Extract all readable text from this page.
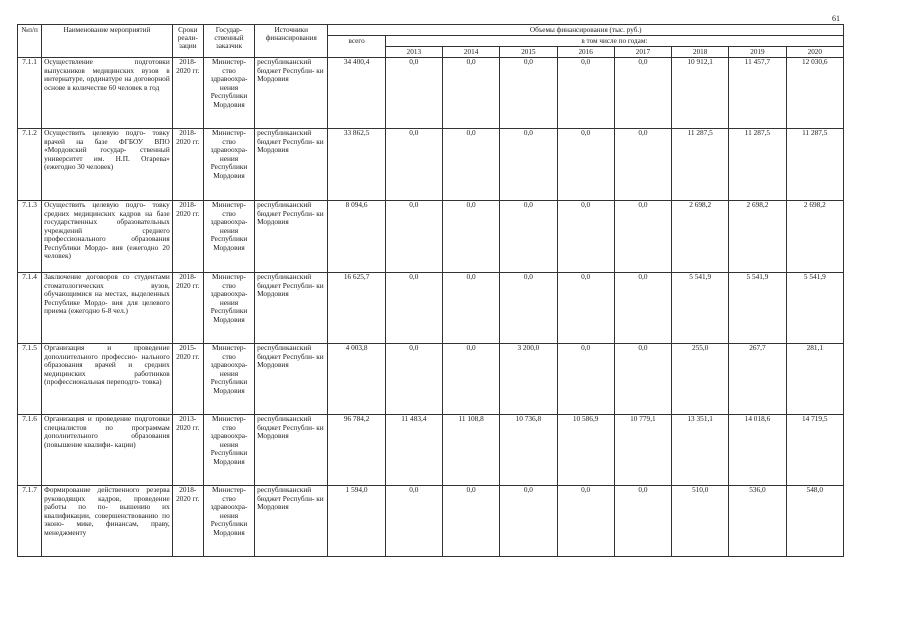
61
№п/п	Наименование мероприятий	Сроки реали- зации	Государ- ственный заказчик	Источники финансирования	Объемы финансирования (тыс. руб.)								
					всего	в том числе по годам:							
						2013	2014	2015	2016	2017	2018	2019	2020
7.1.1	Осуществление подготовки выпускников медицинских вузов в интернатуре, ординатуре на договорной основе в количестве 60 человек в год	2018-2020 гг.	Министер- ство здравоохра- нения Республики Мордовия	республиканский бюджет Республи- ки Мордовия	34 400,4	0,0	0,0	0,0	0,0	0,0	10 912,1	11 457,7	12 030,6
7.1.2	Осуществить целевую подго- товку врачей на базе ФГБОУ ВПО «Мордовский государ- ственный университет им. Н.П. Огарева» (ежегодно 30 человек)	2018-2020 гг.	Министер- ство здравоохра- нения Республики Мордовия	республиканский бюджет Республи- ки Мордовия	33 862,5	0,0	0,0	0,0	0,0	0,0	11 287,5	11 287,5	11 287,5
7.1.3	Осуществить целевую подго- товку средних медицинских кадров на базе государственных образовательных учреждений среднего профессионального образования Республики Мордо- вия (ежегодно 20 человек)	2018-2020 гг.	Министер- ство здравоохра- нения Республики Мордовия	республиканский бюджет Республи- ки Мордовия	8 094,6	0,0	0,0	0,0	0,0	0,0	2 698,2	2 698,2	2 698,2
7.1.4	Заключение договоров со студентами стоматологических вузов, обучающимися на местах, выделенных Республике Мордо- вия для целевого приема (ежегодно 6-8 чел.)	2018-2020 гг.	Министер- ство здравоохра- нения Республики Мордовия	республиканский бюджет Республи- ки Мордовия	16 625,7	0,0	0,0	0,0	0,0	0,0	5 541,9	5 541,9	5 541,9
7.1.5	Организация и проведение дополнительного профессио- нального образования врачей и средних медицинских работников (профессиональная переподго- товка)	2015-2020 гг.	Министер- ство здравоохра- нения Республики Мордовия	республиканский бюджет Республи- ки Мордовия	4 003,8	0,0	0,0	3 200,0	0,0	0,0	255,0	267,7	281,1
7.1.6	Организация и проведение подготовки специалистов по программам дополнительного образования (повышение квалифи- кации)	2013-2020 гг.	Министер- ство здравоохра- нения Республики Мордовия	республиканский бюджет Республи- ки Мордовия	96 784,2	11 483,4	11 108,8	10 736,8	10 586,9	10 779,1	13 351,1	14 018,6	14 719,5
7.1.7	Формирование действенного резерва руководящих кадров, проведение работы по по- вышению их квалификации, совершенствованию по эконо- мике, финансам, праву, менеджменту	2018-2020 гг.	Министер- ство здравоохра- нения Республики Мордовия	республиканский бюджет Республи- ки Мордовия	1 594,0	0,0	0,0	0,0	0,0	0,0	510,0	536,0	548,0
